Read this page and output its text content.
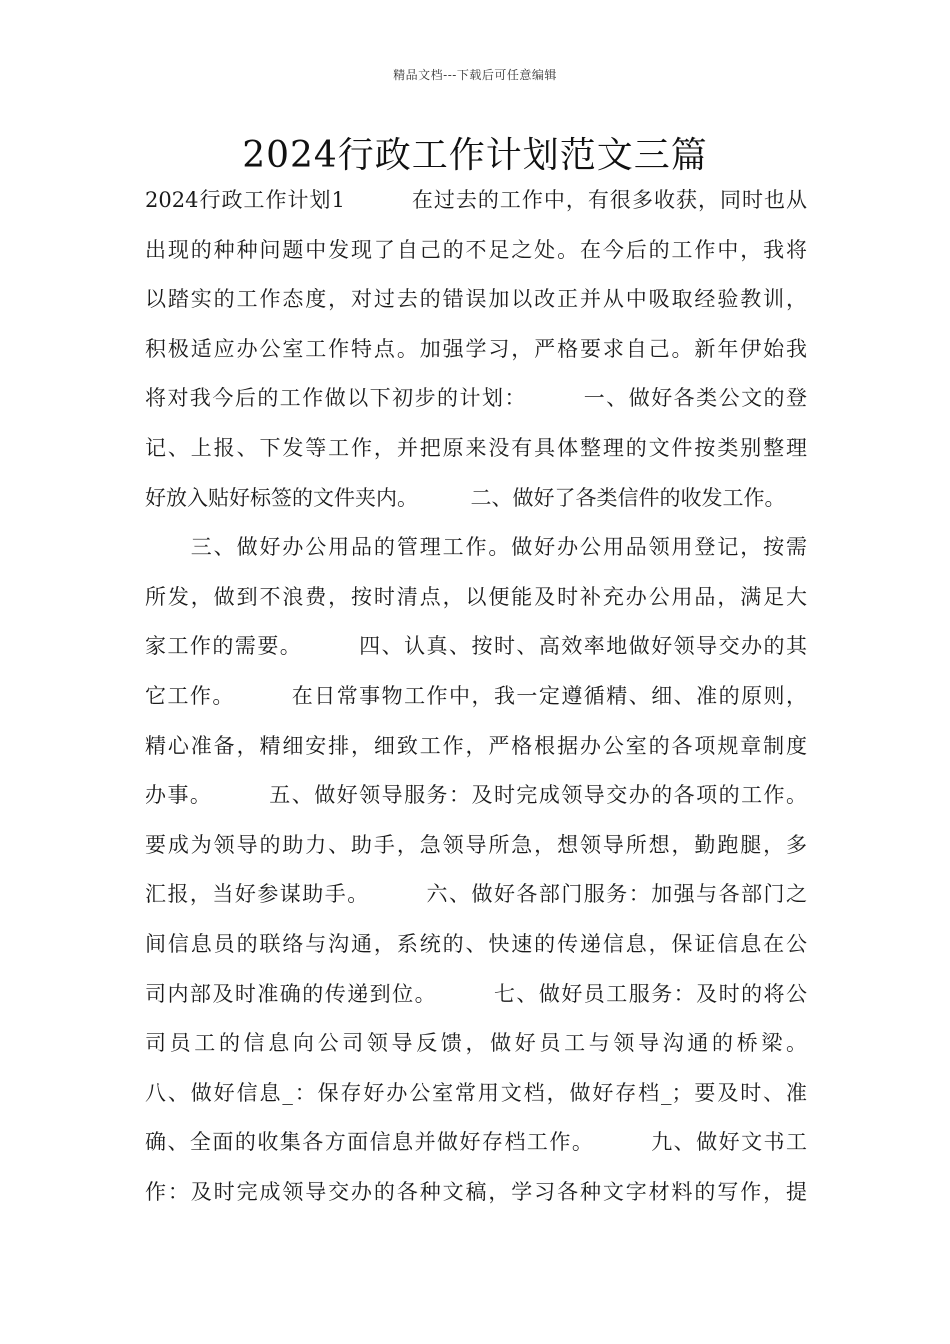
精品文档---下载后可任意编辑
2024行政工作计划范文三篇
2024行政工作计划1　　　在过去的工作中，有很多收获，同时也从
出现的种种问题中发现了自己的不足之处。在今后的工作中，我将
以踏实的工作态度，对过去的错误加以改正并从中吸取经验教训，
积极适应办公室工作特点。加强学习，严格要求自己。新年伊始我
将对我今后的工作做以下初步的计划：　　　一、做好各类公文的登
记、上报、下发等工作，并把原来没有具体整理的文件按类别整理
好放入贴好标签的文件夹内。　　　二、做好了各类信件的收发工作。
　　三、做好办公用品的管理工作。做好办公用品领用登记，按需
所发，做到不浪费，按时清点，以便能及时补充办公用品，满足大
家工作的需要。　　　四、认真、按时、高效率地做好领导交办的其
它工作。　　　在日常事物工作中，我一定遵循精、细、准的原则，
精心准备，精细安排，细致工作，严格根据办公室的各项规章制度
办事。　　　五、做好领导服务：及时完成领导交办的各项的工作。
要成为领导的助力、助手，急领导所急，想领导所想，勤跑腿，多
汇报，当好参谋助手。　　　六、做好各部门服务：加强与各部门之
间信息员的联络与沟通，系统的、快速的传递信息，保证信息在公
司内部及时准确的传递到位。　　　七、做好员工服务：及时的将公
司员工的信息向公司领导反馈，做好员工与领导沟通的桥梁。
八、做好信息_：保存好办公室常用文档，做好存档_；要及时、准
确、全面的收集各方面信息并做好存档工作。　　　九、做好文书工
作：及时完成领导交办的各种文稿，学习各种文字材料的写作，提
